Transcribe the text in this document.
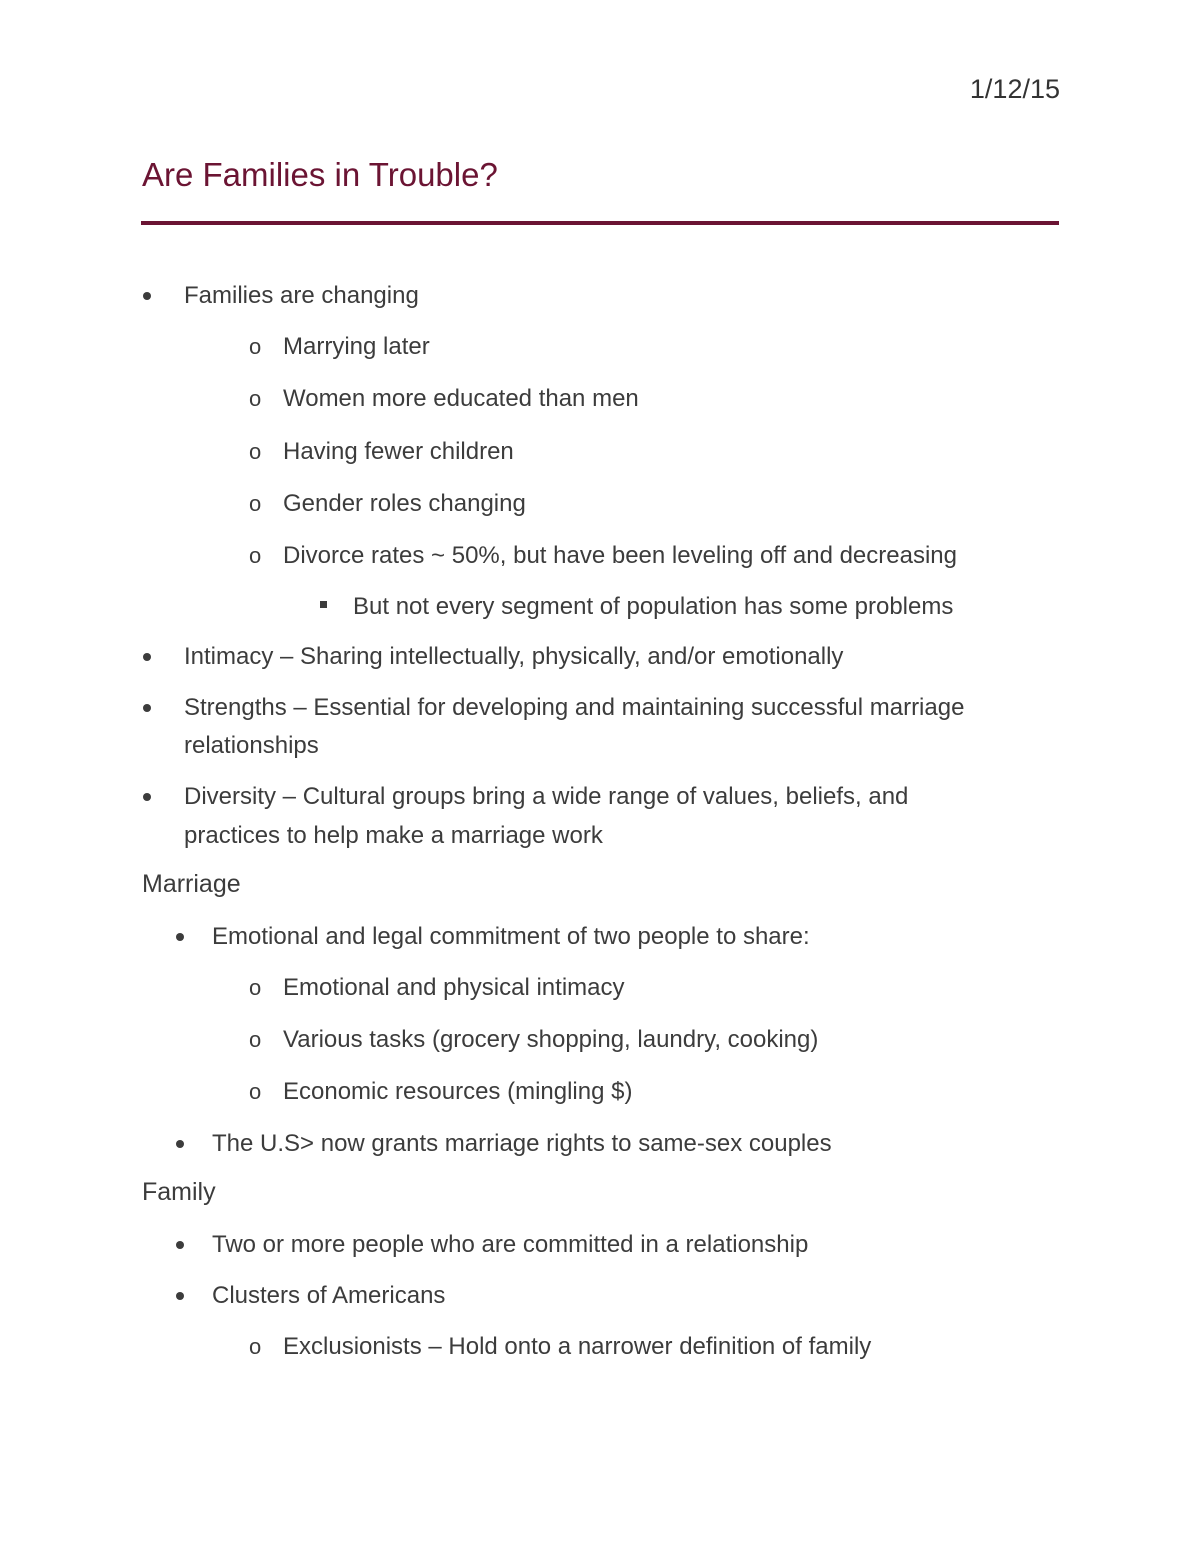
1/12/15
Are Families in Trouble?
Families are changing
o Marrying later
o Women more educated than men
o Having fewer children
o Gender roles changing
o Divorce rates ~ 50%, but have been leveling off and decreasing
But not every segment of population has some problems
Intimacy – Sharing intellectually, physically, and/or emotionally
Strengths – Essential for developing and maintaining successful marriage
relationships
Diversity – Cultural groups bring a wide range of values, beliefs, and
practices to help make a marriage work
Marriage
Emotional and legal commitment of two people to share:
o Emotional and physical intimacy
o Various tasks (grocery shopping, laundry, cooking)
o Economic resources (mingling $)
The U.S> now grants marriage rights to same-sex couples
Family
Two or more people who are committed in a relationship
Clusters of Americans
o Exclusionists – Hold onto a narrower definition of family
